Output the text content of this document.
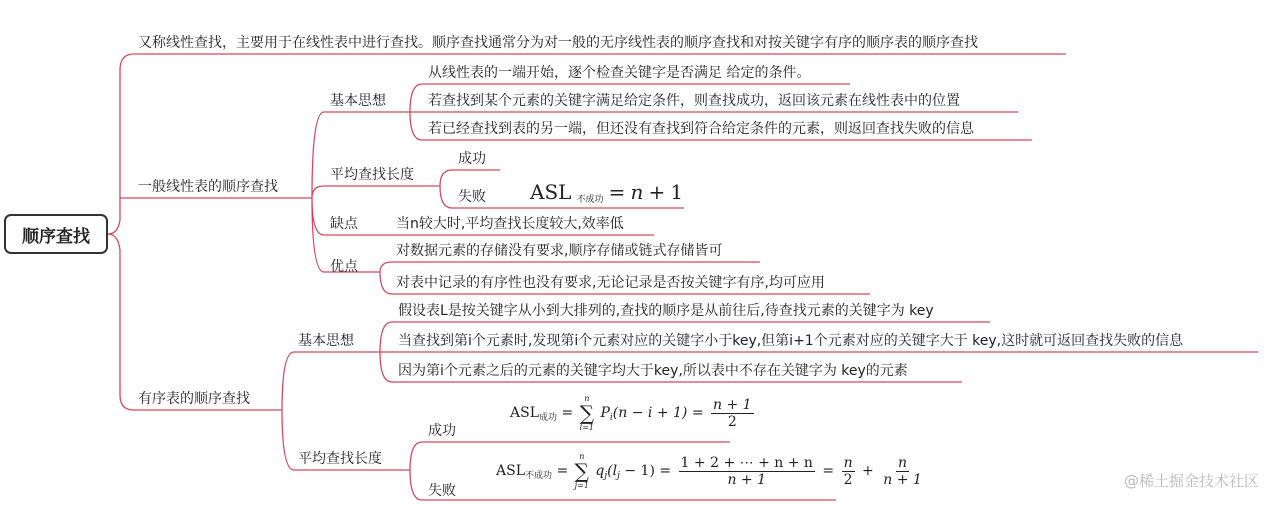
顺序查找
又称线性查找，主要用于在线性表中进行查找。顺序查找通常分为对一般的无序线性表的顺序查找和对按关键字有序的顺序表的顺序查找
一般线性表的顺序查找
基本思想
从线性表的一端开始，逐个检查关键字是否满足 给定的条件。
若查找到某个元素的关键字满足给定条件，则查找成功，返回该元素在线性表中的位置
若已经查找到表的另一端，但还没有查找到符合给定条件的元素，则返回查找失败的信息
平均查找长度
成功
失败 ASL 不成功 = n + 1
缺点	当n较大时,平均查找长度较大,效率低
优点
对数据元素的存储没有要求,顺序存储或链式存储皆可
对表中记录的有序性也没有要求,无论记录是否按关键字有序,均可应用
有序表的顺序查找
基本思想
假设表L是按关键字从小到大排列的,查找的顺序是从前往后,待查找元素的关键字为 key
当查找到第i个元素时,发现第i个元素对应的关键字小于key,但第i+1个元素对应的关键字大于 key,这时就可返回查找失败的信息
因为第i个元素之后的元素的关键字均大于key,所以表中不存在关键字为 key的元素
平均查找长度
成功
失败
$ASL_{成功}$ =
n
∑
i=1
$P_i(n - i + 1) = \frac{n + 1}{2}$
$ASL_{不成功}$ =
n
∑
j=1
$q_j(l_j - 1) = \frac{1 + 2 + \cdots + n + n}{n + 1} = \frac{n}{2} + \frac{n}{n + 1}$	@稀土掘金技术社区
